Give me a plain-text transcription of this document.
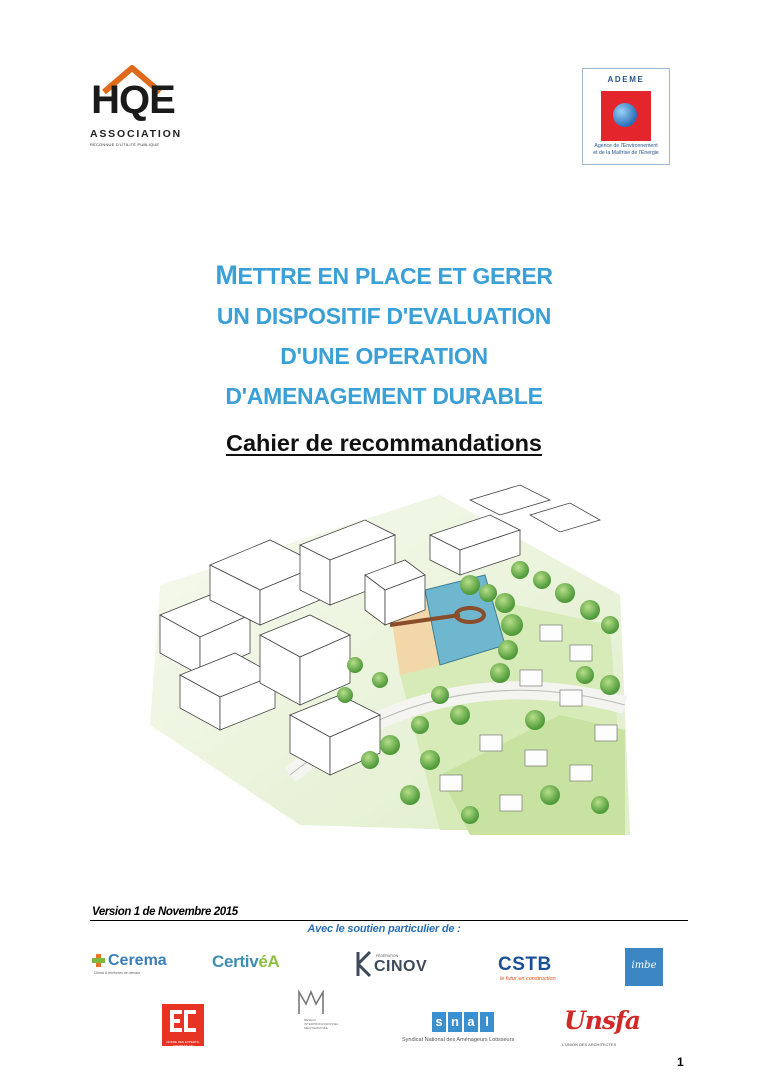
HQE
ASSOCIATION
RECONNUE D'UTILITÉ PUBLIQUE
ADEME
Agence de l'Environnement
et de la Maîtrise de l'Energie
METTRE EN PLACE ET GERER
UN DISPOSITIF D'EVALUATION
D'UNE OPERATION
D'AMENAGEMENT DURABLE
Cahier de recommandations
Version 1 de Novembre 2015
Avec le soutien particulier de :
Cerema
Climat & territoires de demain
CertivéA	FÉDÉRATION
CINOV	CSTB
le futur en construction
imbe
ORDRE DES EXPERTS-COMPTABLES
RÉSEAU INTERPROFESSIONNEL MEDITERRANÉE	s n a l
Syndicat National des Aménageurs Lotisseurs
Unsfa
L'UNION DES ARCHITECTES
1
